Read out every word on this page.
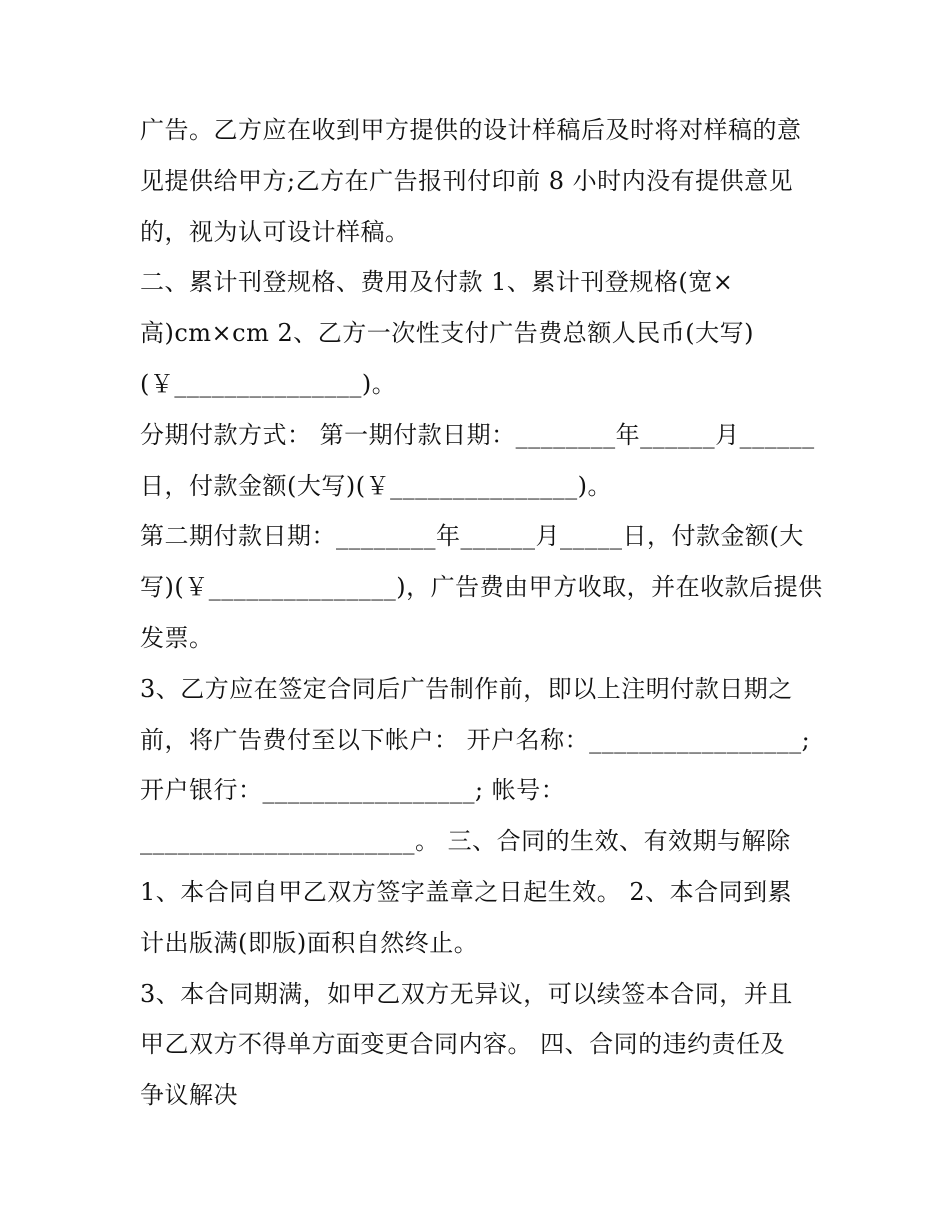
广告。乙方应在收到甲方提供的设计样稿后及时将对样稿的意
见提供给甲方;乙方在广告报刊付印前 8 小时内没有提供意见
的，视为认可设计样稿。
二、累计刊登规格、费用及付款 1、累计刊登规格(宽×
高)cm×cm 2、乙方一次性支付广告费总额人民币(大写)
(￥_______________)。
分期付款方式： 第一期付款日期：________年______月______
日，付款金额(大写)(￥_______________)。
第二期付款日期：________年______月_____日，付款金额(大
写)(￥_______________)，广告费由甲方收取，并在收款后提供
发票。
3、乙方应在签定合同后广告制作前，即以上注明付款日期之
前，将广告费付至以下帐户： 开户名称：_________________;
开户银行：_________________; 帐号：
______________________。 三、合同的生效、有效期与解除
1、本合同自甲乙双方签字盖章之日起生效。 2、本合同到累
计出版满(即版)面积自然终止。
3、本合同期满，如甲乙双方无异议，可以续签本合同，并且
甲乙双方不得单方面变更合同内容。 四、合同的违约责任及
争议解决
